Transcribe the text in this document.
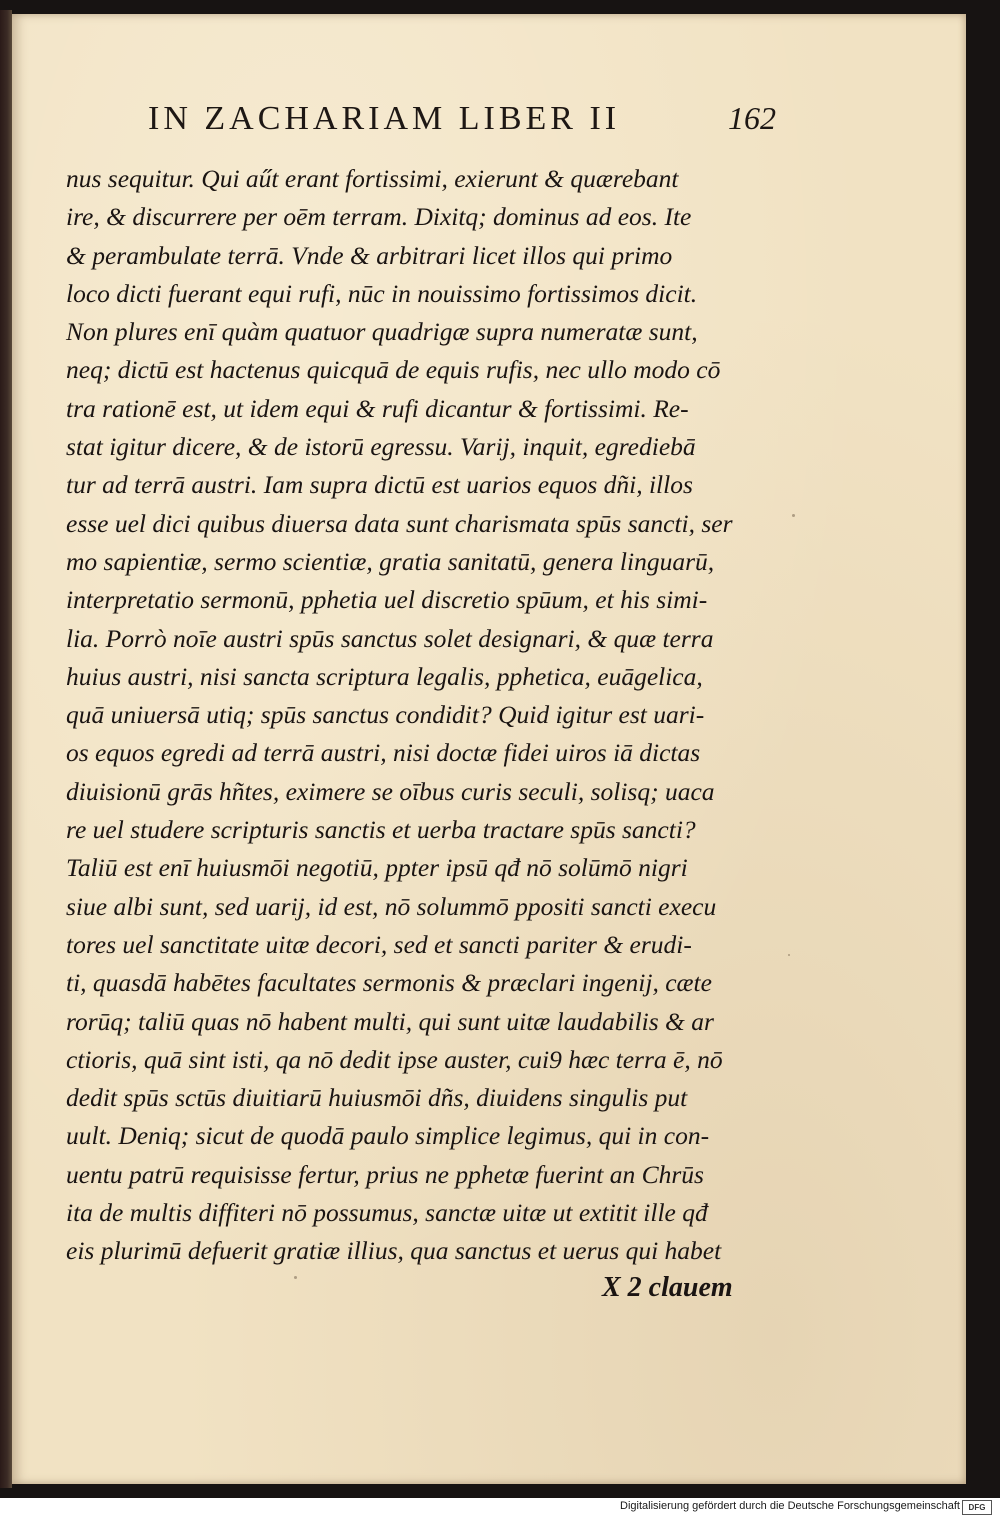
IN ZACHARIAM LIBER II	162
nus sequitur. Qui aűt erant fortissimi, exierunt & quærebant
ire, & discurrere per oēm terram. Dixitq; dominus ad eos. Ite
& perambulate terrā. Vnde & arbitrari licet illos qui primo
loco dicti fuerant equi rufi, nūc in nouissimo fortissimos dicit.
Non plures enī quàm quatuor quadrigæ supra numeratæ sunt,
neq; dictū est hactenus quicquā de equis rufis, nec ullo modo cō
tra rationē est, ut idem equi & rufi dicantur & fortissimi. Re-
stat igitur dicere, & de istorū egressu. Varij, inquit, egrediebā
tur ad terrā austri. Iam supra dictū est uarios equos dñi, illos
esse uel dici quibus diuersa data sunt charismata spūs sancti, ser
mo sapientiæ, sermo scientiæ, gratia sanitatū, genera linguarū,
interpretatio sermonū, pphetia uel discretio spūum, et his simi-
lia. Porrò noīe austri spūs sanctus solet designari, & quæ terra
huius austri, nisi sancta scriptura legalis, pphetica, euāgelica,
quā uniuersā utiq; spūs sanctus condidit? Quid igitur est uari-
os equos egredi ad terrā austri, nisi doctæ fidei uiros iā dictas
diuisionū grās hñtes, eximere se oībus curis seculi, solisq; uaca
re uel studere scripturis sanctis et uerba tractare spūs sancti?
Taliū est enī huiusmōi negotiū, ppter ipsū qđ nō solūmō nigri
siue albi sunt, sed uarij, id est, nō solummō ppositi sancti execu
tores uel sanctitate uitæ decori, sed et sancti pariter & erudi-
ti, quasdā habētes facultates sermonis & præclari ingenij, cæte
rorūq; taliū quas nō habent multi, qui sunt uitæ laudabilis & ar
ctioris, quā sint isti, qa nō dedit ipse auster, cui9 hæc terra ē, nō
dedit spūs sctūs diuitiarū huiusmōi dñs, diuidens singulis put
uult. Deniq; sicut de quodā paulo simplice legimus, qui in con-
uentu patrū requisisse fertur, prius ne pphetæ fuerint an Chrūs
ita de multis diffiteri nō possumus, sanctæ uitæ ut extitit ille qđ
eis plurimū defuerit gratiæ illius, qua sanctus et uerus qui habet
X 2 clauem
Digitalisierung gefördert durch die Deutsche Forschungsgemeinschaft	DFG
